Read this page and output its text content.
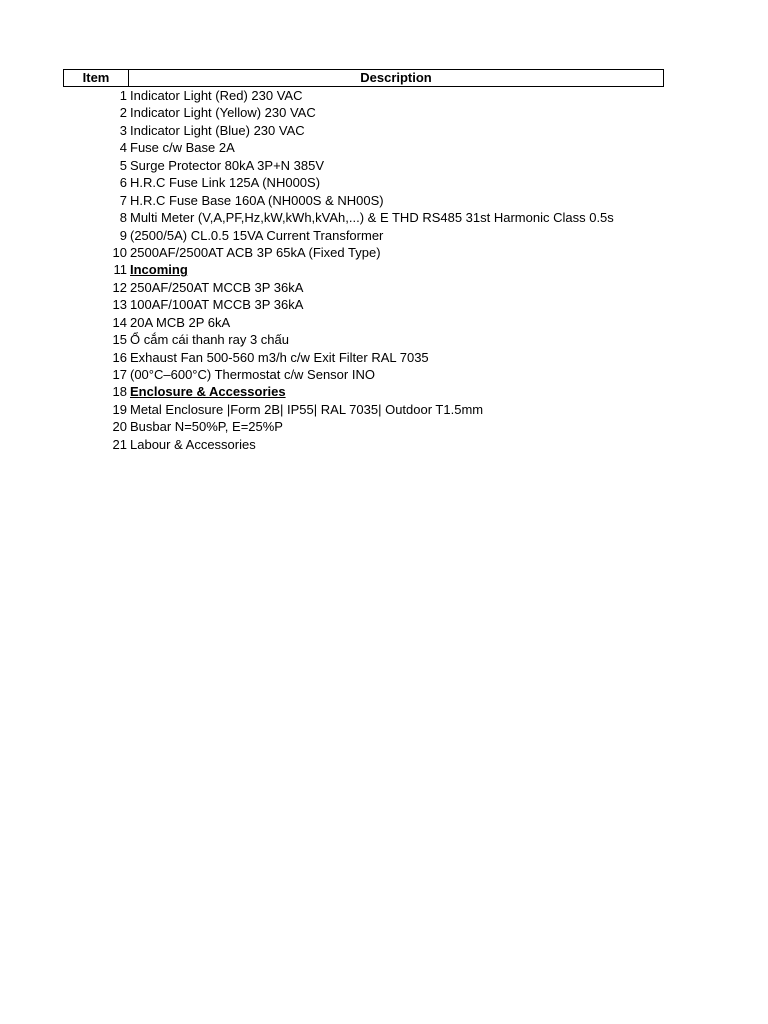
Item	Description
1 Indicator Light (Red) 230 VAC
2 Indicator Light (Yellow) 230 VAC
3 Indicator Light (Blue) 230 VAC
4 Fuse c/w Base 2A
5 Surge Protector 80kA 3P+N 385V
6 H.R.C Fuse Link 125A (NH000S)
7 H.R.C Fuse Base 160A (NH000S & NH00S)
8 Multi Meter (V,A,PF,Hz,kW,kWh,kVAh,...) & E THD RS485 31st Harmonic Class 0.5s
9 (2500/5A) CL.0.5 15VA Current Transformer
10 2500AF/2500AT ACB 3P 65kA (Fixed Type)
11 Incoming
12 250AF/250AT MCCB 3P 36kA
13 100AF/100AT MCCB 3P 36kA
14 20A MCB 2P 6kA
15 Ổ cắm cái thanh ray 3 chấu
16 Exhaust Fan 500-560 m3/h c/w Exit Filter RAL 7035
17 (00°C–600°C) Thermostat c/w Sensor INO
18 Enclosure & Accessories
19 Metal Enclosure |Form 2B| IP55| RAL 7035| Outdoor T1.5mm
20 Busbar N=50%P, E=25%P
21 Labour & Accessories
